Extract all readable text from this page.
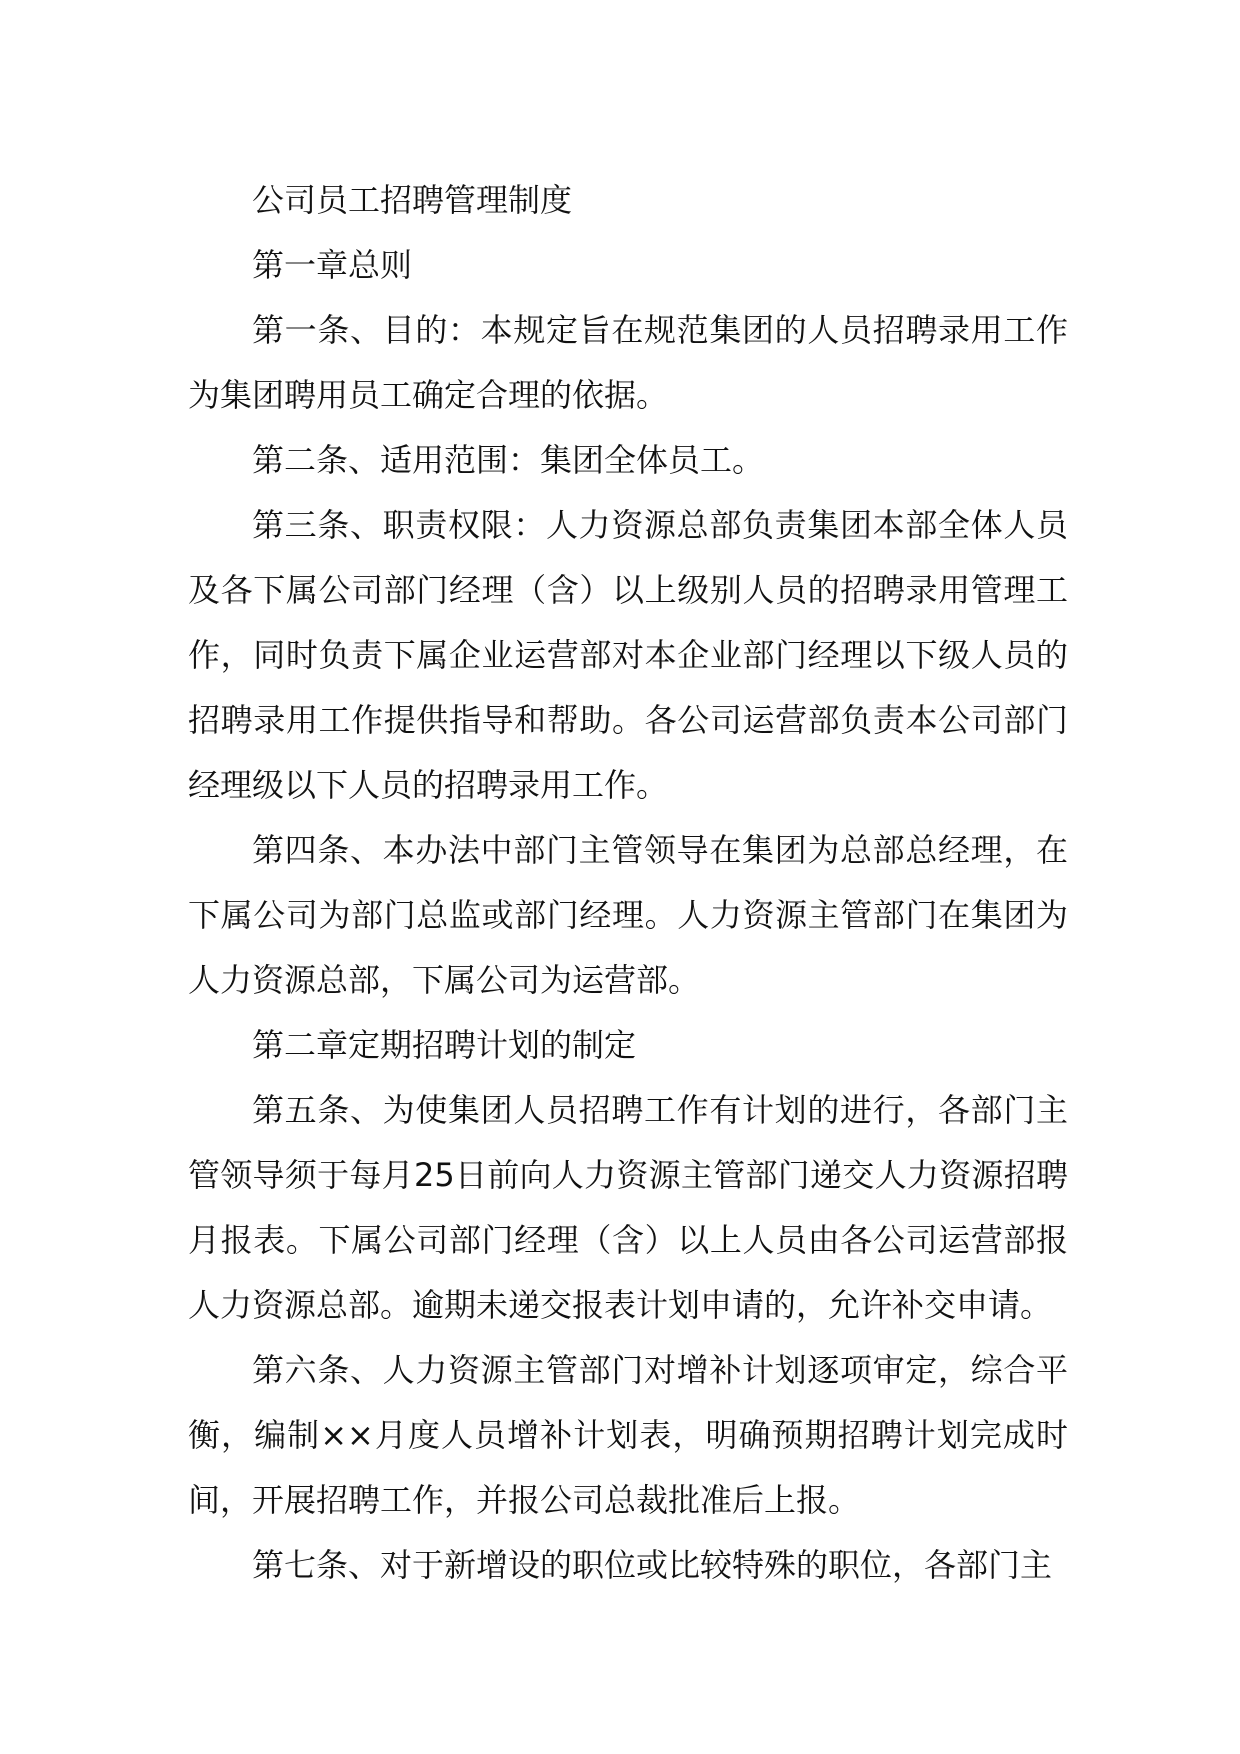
公司员工招聘管理制度

第一章总则

第一条、目的：本规定旨在规范集团的人员招聘录用工作为集团聘用员工确定合理的依据。

第二条、适用范围：集团全体员工。

第三条、职责权限：人力资源总部负责集团本部全体人员及各下属公司部门经理（含）以上级别人员的招聘录用管理工作，同时负责下属企业运营部对本企业部门经理以下级人员的招聘录用工作提供指导和帮助。各公司运营部负责本公司部门经理级以下人员的招聘录用工作。

第四条、本办法中部门主管领导在集团为总部总经理，在下属公司为部门总监或部门经理。人力资源主管部门在集团为人力资源总部，下属公司为运营部。

第二章定期招聘计划的制定

第五条、为使集团人员招聘工作有计划的进行，各部门主管领导须于每月25日前向人力资源主管部门递交人力资源招聘月报表。下属公司部门经理（含）以上人员由各公司运营部报人力资源总部。逾期未递交报表计划申请的，允许补交申请。

第六条、人力资源主管部门对增补计划逐项审定，综合平衡，编制××月度人员增补计划表，明确预期招聘计划完成时间，开展招聘工作，并报公司总裁批准后上报。

第七条、对于新增设的职位或比较特殊的职位，各部门主
